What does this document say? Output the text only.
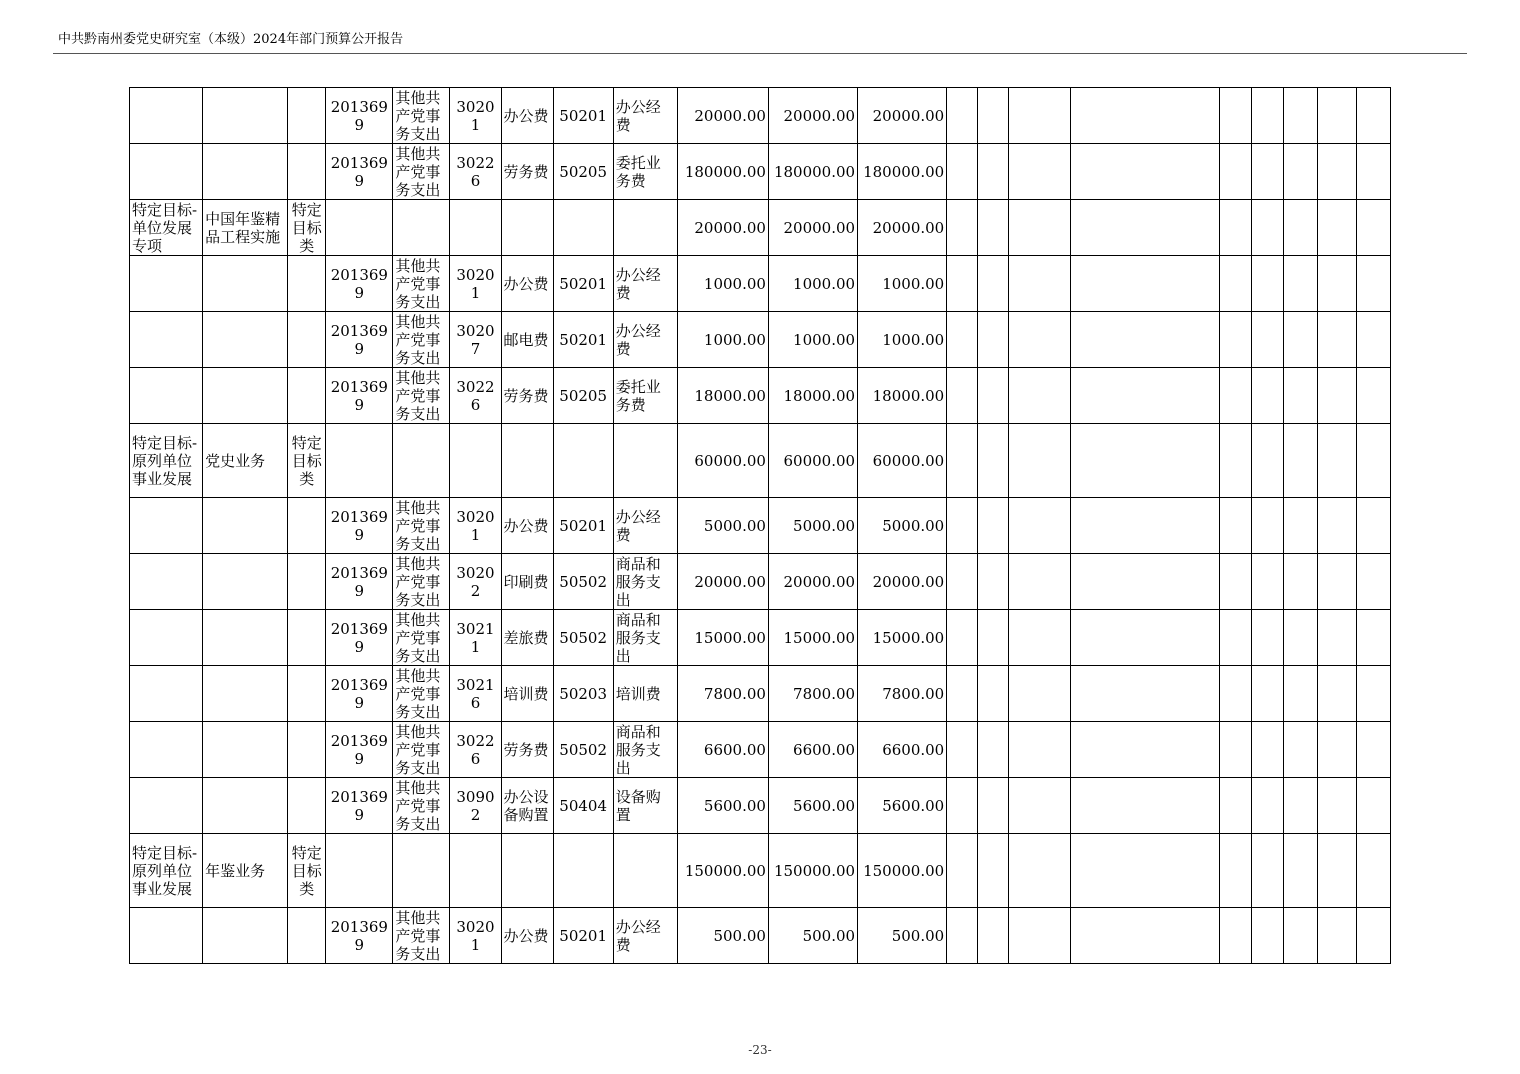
中共黔南州委党史研究室（本级）2024年部门预算公开报告
			2013699	其他共产党事务支出	30201	办公费	50201	办公经费	20000.00	20000.00	20000.00									
			2013699	其他共产党事务支出	30226	劳务费	50205	委托业务费	180000.00	180000.00	180000.00									
特定目标-单位发展专项	中国年鉴精品工程实施	特定目标类							20000.00	20000.00	20000.00									
			2013699	其他共产党事务支出	30201	办公费	50201	办公经费	1000.00	1000.00	1000.00									
			2013699	其他共产党事务支出	30207	邮电费	50201	办公经费	1000.00	1000.00	1000.00									
			2013699	其他共产党事务支出	30226	劳务费	50205	委托业务费	18000.00	18000.00	18000.00									
特定目标-原列单位事业发展	党史业务	特定目标类							60000.00	60000.00	60000.00									
			2013699	其他共产党事务支出	30201	办公费	50201	办公经费	5000.00	5000.00	5000.00									
			2013699	其他共产党事务支出	30202	印刷费	50502	商品和服务支出	20000.00	20000.00	20000.00									
			2013699	其他共产党事务支出	30211	差旅费	50502	商品和服务支出	15000.00	15000.00	15000.00									
			2013699	其他共产党事务支出	30216	培训费	50203	培训费	7800.00	7800.00	7800.00									
			2013699	其他共产党事务支出	30226	劳务费	50502	商品和服务支出	6600.00	6600.00	6600.00									
			2013699	其他共产党事务支出	30902	办公设备购置	50404	设备购置	5600.00	5600.00	5600.00									
特定目标-原列单位事业发展	年鉴业务	特定目标类							150000.00	150000.00	150000.00									
			2013699	其他共产党事务支出	30201	办公费	50201	办公经费	500.00	500.00	500.00									
-23-
